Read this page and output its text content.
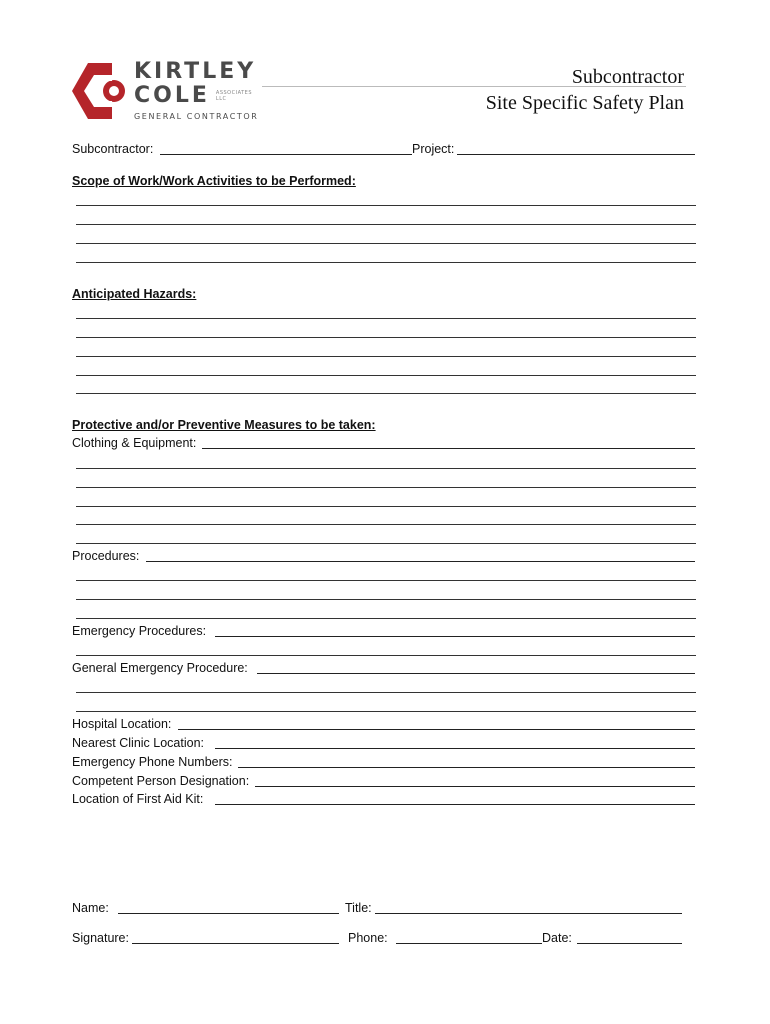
KIRTLEY
COLE ASSOCIATES LLC
GENERAL CONTRACTOR
Subcontractor
Site Specific Safety Plan
Subcontractor:	Project:
Scope of Work/Work Activities to be Performed:
Anticipated Hazards:
Protective and/or Preventive Measures to be taken:
Clothing & Equipment:
Procedures:
Emergency Procedures:
General Emergency Procedure:
Hospital Location:
Nearest Clinic Location:
Emergency Phone Numbers:
Competent Person Designation:
Location of First Aid Kit:
Name:	Title:
Signature:	Phone:	Date:
